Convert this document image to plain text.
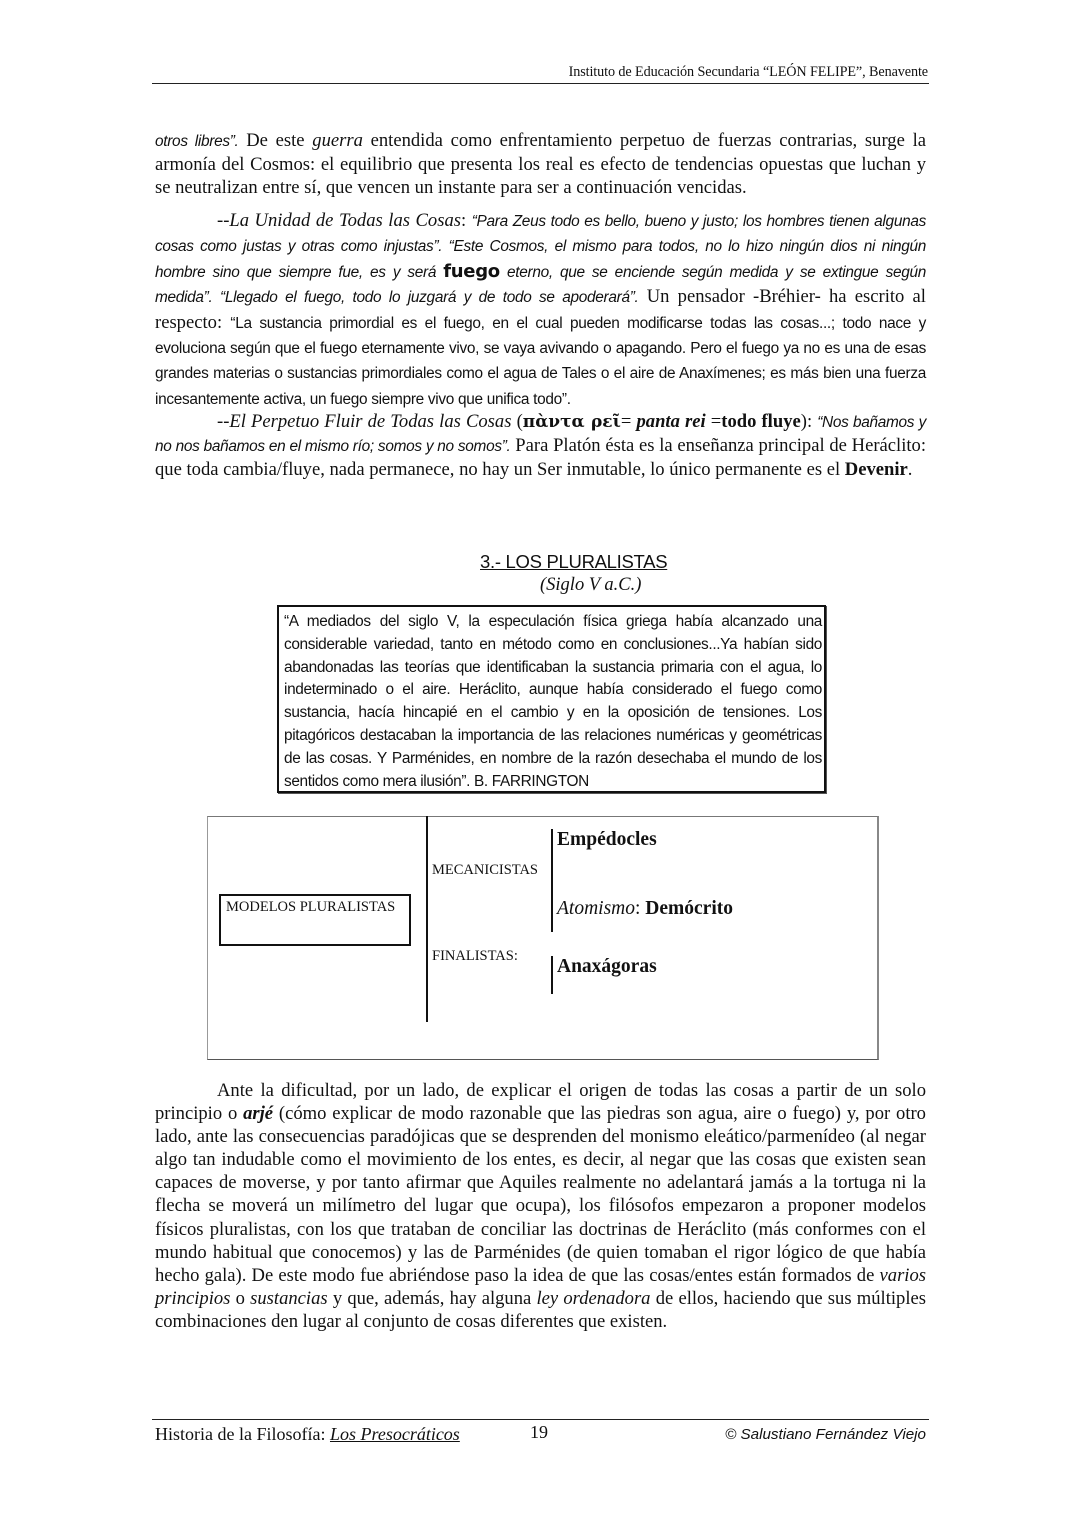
Instituto de Educación Secundaria “LEÓN FELIPE”, Benavente

otros libres”. De este guerra entendida como enfrentamiento perpetuo de fuerzas contrarias, surge la armonía del Cosmos: el equilibrio que presenta los real es efecto de tendencias opuestas que luchan y se neutralizan entre sí, que vencen un instante para ser a continuación vencidas.

--La Unidad de Todas las Cosas: “Para Zeus todo es bello, bueno y justo; los hombres tienen algunas cosas como justas y otras como injustas”. “Este Cosmos, el mismo para todos, no lo hizo ningún dios ni ningún hombre sino que siempre fue, es y será fuego eterno, que se enciende según medida y se extingue según medida”. “Llegado el fuego, todo lo juzgará y de todo se apoderará”. Un pensador -Bréhier- ha escrito al respecto: “La sustancia primordial es el fuego, en el cual pueden modificarse todas las cosas...; todo nace y evoluciona según que el fuego eternamente vivo, se vaya avivando o apagando. Pero el fuego ya no es una de esas grandes materias o sustancias primordiales como el agua de Tales o el aire de Anaxímenes; es más bien una fuerza incesantemente activa, un fuego siempre vivo que unifica todo”.

--El Perpetuo Fluir de Todas las Cosas (πὰντα ρεῖ= panta rei =todo fluye): “Nos bañamos y no nos bañamos en el mismo río; somos y no somos”. Para Platón ésta es la enseñanza principal de Heráclito: que toda cambia/fluye, nada permanece, no hay un Ser inmutable, lo único permanente es el Devenir.

3.- LOS PLURALISTAS
(Siglo V a.C.)

“A mediados del siglo V, la especulación física griega había alcanzado una considerable variedad, tanto en método como en conclusiones...Ya habían sido abandonadas las teorías que identificaban la sustancia primaria con el agua, lo indeterminado o el aire. Heráclito, aunque había considerado el fuego como sustancia, hacía hincapié en el cambio y en la oposición de tensiones. Los pitagóricos destacaban la importancia de las relaciones numéricas y geométricas de las cosas. Y Parménides, en nombre de la razón desechaba el mundo de los sentidos como mera ilusión”. B. FARRINGTON

MODELOS PLURALISTAS
MECANICISTAS
FINALISTAS:
Empédocles
Atomismo: Demócrito
Anaxágoras

Ante la dificultad, por un lado, de explicar el origen de todas las cosas a partir de un solo principio o arjé (cómo explicar de modo razonable que las piedras son agua, aire o fuego) y, por otro lado, ante las consecuencias paradójicas que se desprenden del monismo eleático/parmenídeo (al negar algo tan indudable como el movimiento de los entes, es decir, al negar que las cosas que existen sean capaces de moverse, y por tanto afirmar que Aquiles realmente no adelantará jamás a la tortuga ni la flecha se moverá un milímetro del lugar que ocupa), los filósofos empezaron a proponer modelos físicos pluralistas, con los que trataban de conciliar las doctrinas de Heráclito (más conformes con el mundo habitual que conocemos) y las de Parménides (de quien tomaban el rigor lógico de que había hecho gala). De este modo fue abriéndose paso la idea de que las cosas/entes están formados de varios principios o sustancias y que, además, hay alguna ley ordenadora de ellos, haciendo que sus múltiples combinaciones den lugar al conjunto de cosas diferentes que existen.

Historia de la Filosofía: Los Presocráticos	19	© Salustiano Fernández Viejo
